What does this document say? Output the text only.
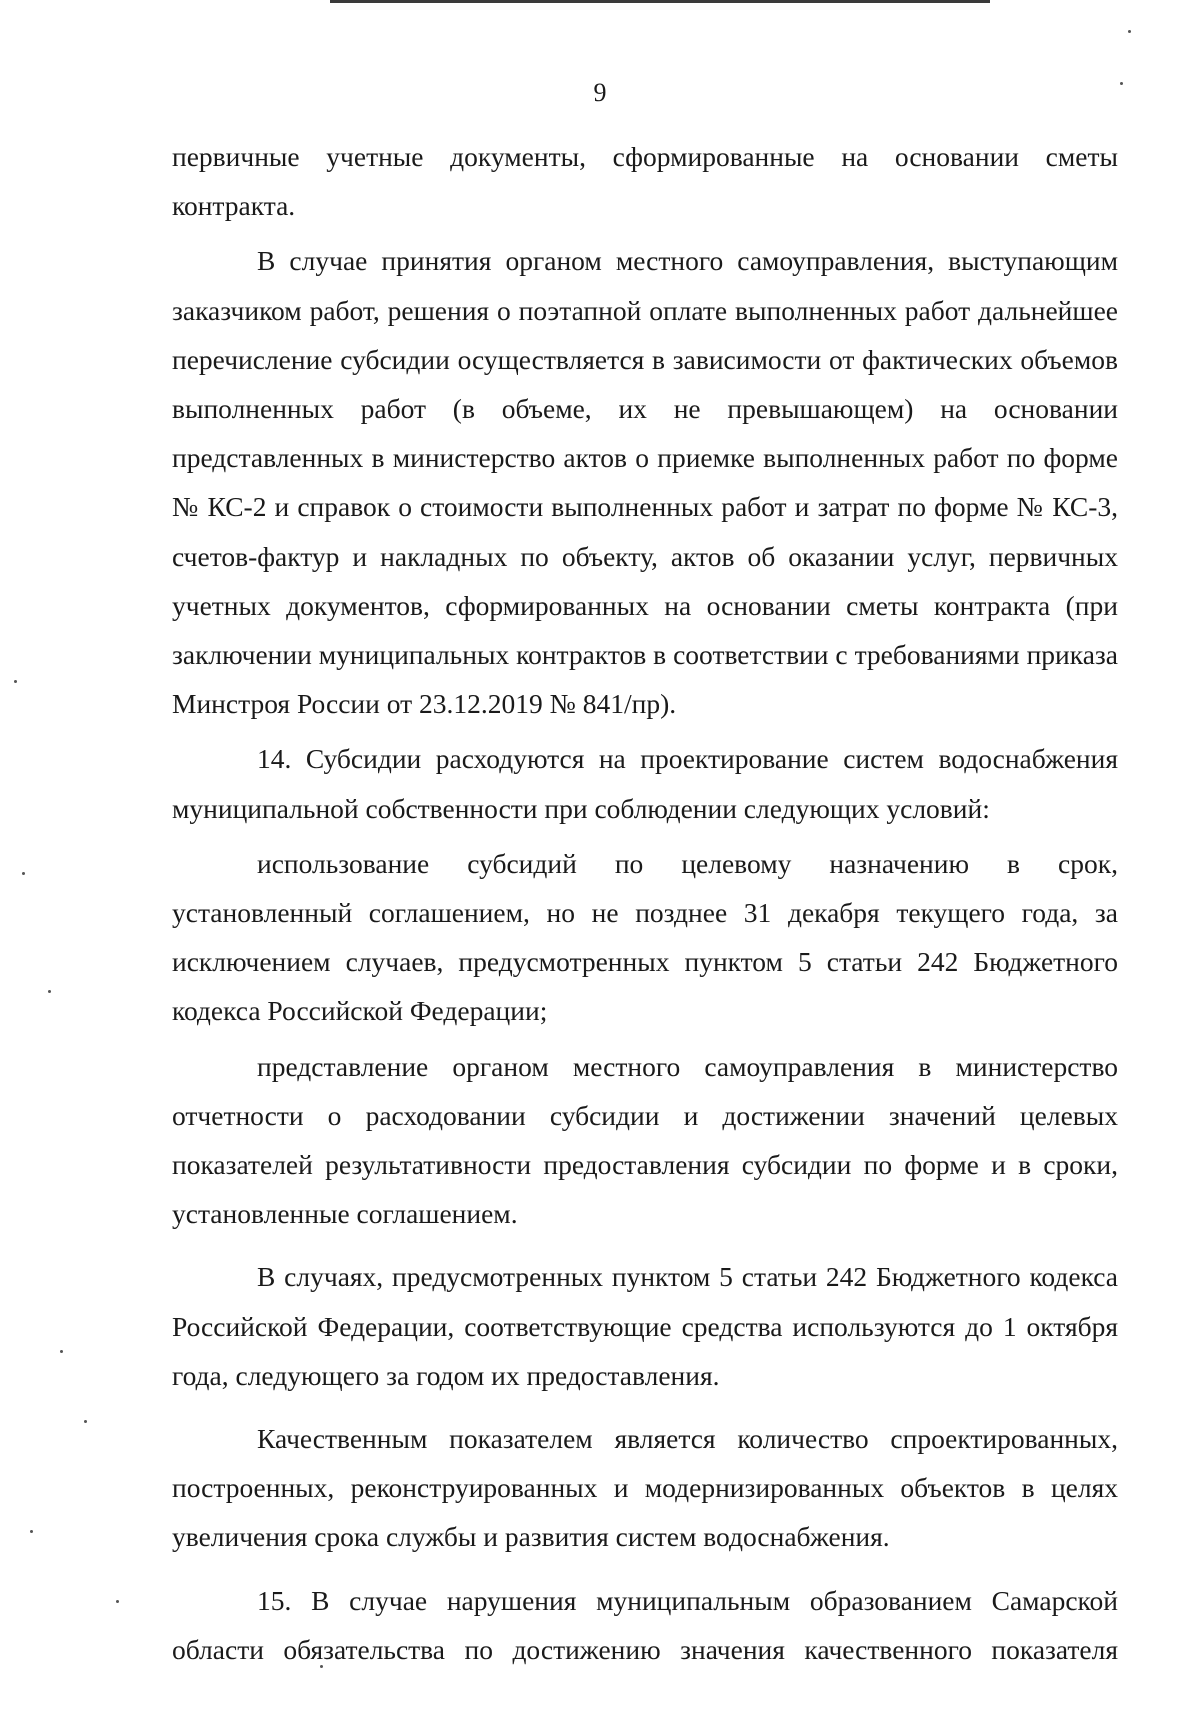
9

первичные учетные документы, сформированные на основании сметы контракта.

В случае принятия органом местного самоуправления, выступающим заказчиком работ, решения о поэтапной оплате выполненных работ дальнейшее перечисление субсидии осуществляется в зависимости от фактических объемов выполненных работ (в объеме, их не превышающем) на основании представленных в министерство актов о приемке выполненных работ по форме № КС-2 и справок о стоимости выполненных работ и затрат по форме № КС-3, счетов-фактур и накладных по объекту, актов об оказании услуг, первичных учетных документов, сформированных на основании сметы контракта (при заключении муниципальных контрактов в соответствии с требованиями приказа Минстроя России от 23.12.2019 № 841/пр).

14. Субсидии расходуются на проектирование систем водоснабжения муниципальной собственности при соблюдении следующих условий:

использование субсидий по целевому назначению в срок, установленный соглашением, но не позднее 31 декабря текущего года, за исключением случаев, предусмотренных пунктом 5 статьи 242 Бюджетного кодекса Российской Федерации;

представление органом местного самоуправления в министерство отчетности о расходовании субсидии и достижении значений целевых показателей результативности предоставления субсидии по форме и в сроки, установленные соглашением.

В случаях, предусмотренных пунктом 5 статьи 242 Бюджетного кодекса Российской Федерации, соответствующие средства используются до 1 октября года, следующего за годом их предоставления.

Качественным показателем является количество спроектированных, построенных, реконструированных и модернизированных объектов в целях увеличения срока службы и развития систем водоснабжения.

15. В случае нарушения муниципальным образованием Самарской области обязательства по достижению значения качественного показателя
